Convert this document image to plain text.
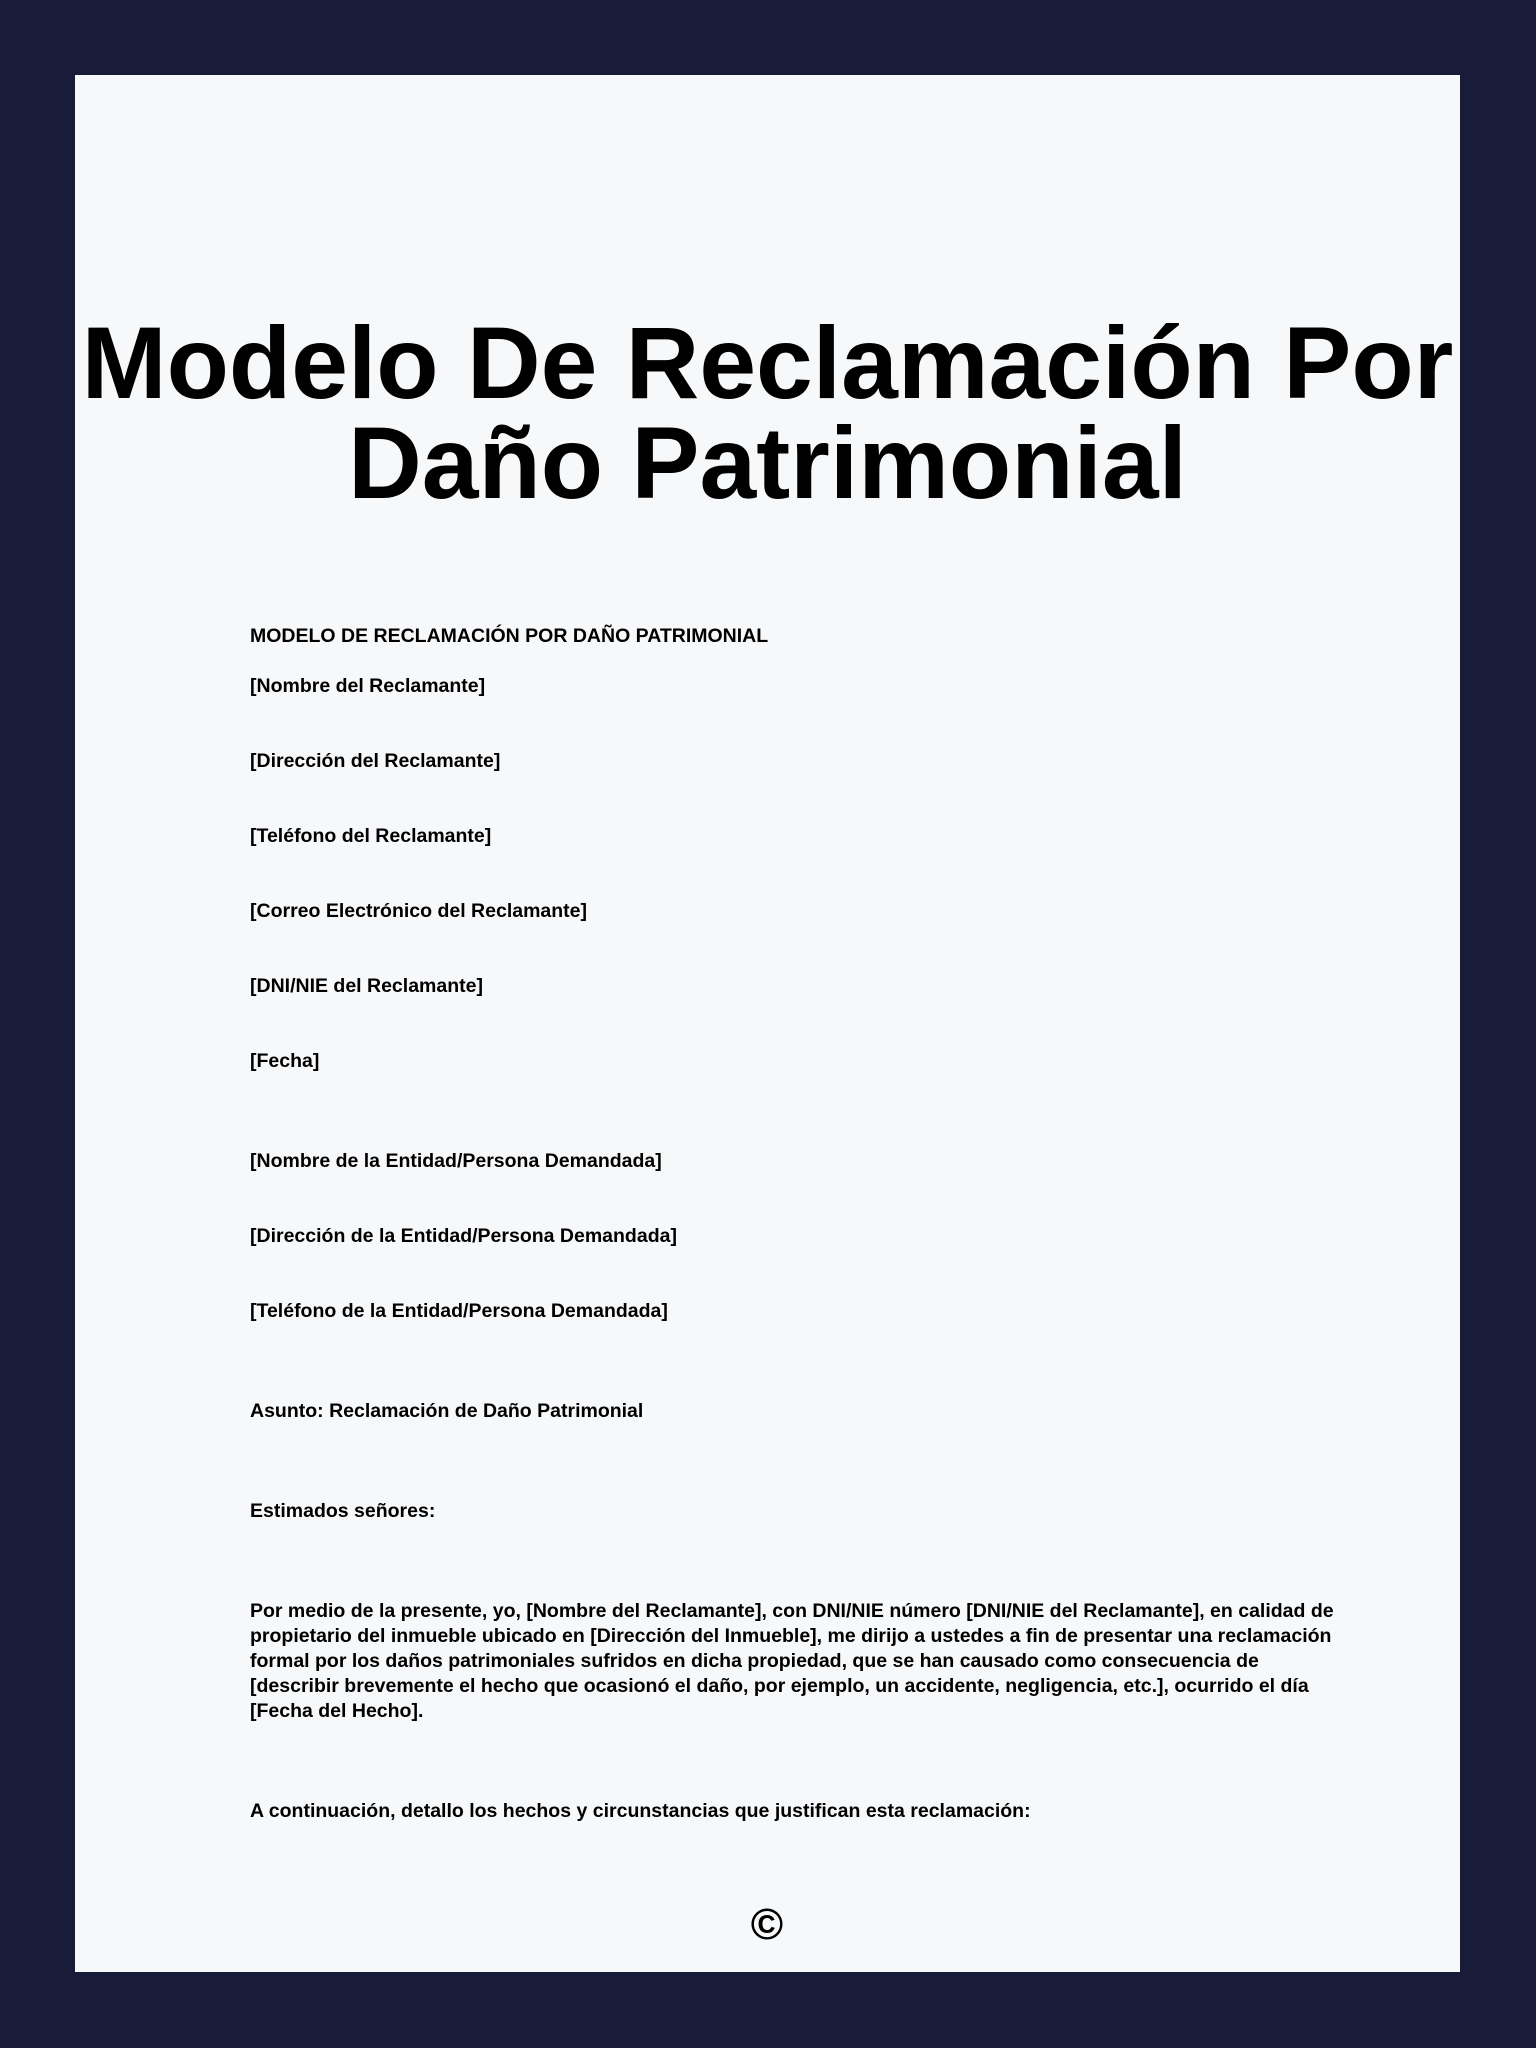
Modelo De Reclamación Por Daño Patrimonial
MODELO DE RECLAMACIÓN POR DAÑO PATRIMONIAL
[Nombre del Reclamante]
[Dirección del Reclamante]
[Teléfono del Reclamante]
[Correo Electrónico del Reclamante]
[DNI/NIE del Reclamante]
[Fecha]
[Nombre de la Entidad/Persona Demandada]
[Dirección de la Entidad/Persona Demandada]
[Teléfono de la Entidad/Persona Demandada]
Asunto: Reclamación de Daño Patrimonial
Estimados señores:
Por medio de la presente, yo, [Nombre del Reclamante], con DNI/NIE número [DNI/NIE del Reclamante], en calidad de propietario del inmueble ubicado en [Dirección del Inmueble], me dirijo a ustedes a fin de presentar una reclamación formal por los daños patrimoniales sufridos en dicha propiedad, que se han causado como consecuencia de [describir brevemente el hecho que ocasionó el daño, por ejemplo, un accidente, negligencia, etc.], ocurrido el día [Fecha del Hecho].
A continuación, detallo los hechos y circunstancias que justifican esta reclamación:
©
